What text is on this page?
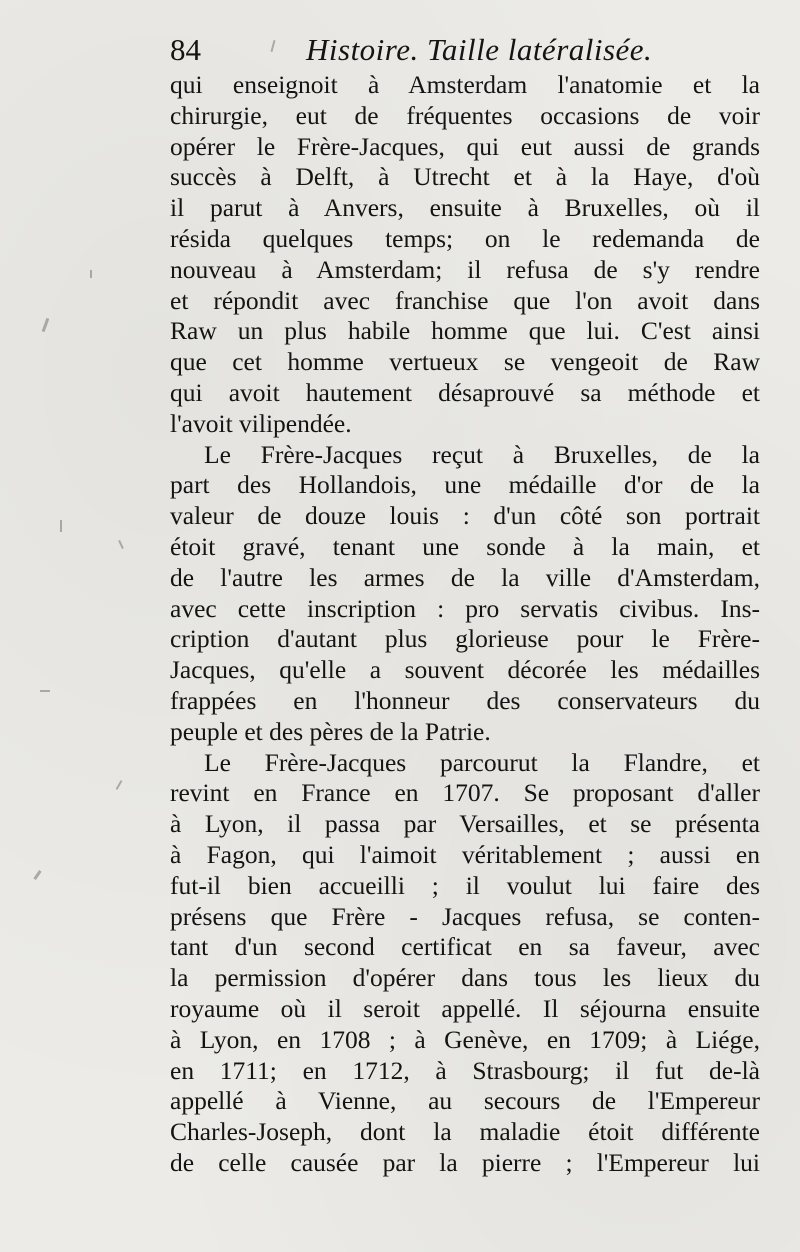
84	Histoire. Taille latéralisée.
qui enseignoit à Amsterdam l'anatomie et la
chirurgie, eut de fréquentes occasions de voir
opérer le Frère-Jacques, qui eut aussi de grands
succès à Delft, à Utrecht et à la Haye, d'où
il parut à Anvers, ensuite à Bruxelles, où il
résida quelques temps; on le redemanda de
nouveau à Amsterdam; il refusa de s'y rendre
et répondit avec franchise que l'on avoit dans
Raw un plus habile homme que lui. C'est ainsi
que cet homme vertueux se vengeoit de Raw
qui avoit hautement désaprouvé sa méthode et
l'avoit vilipendée.
Le Frère-Jacques reçut à Bruxelles, de la
part des Hollandois, une médaille d'or de la
valeur de douze louis : d'un côté son portrait
étoit gravé, tenant une sonde à la main, et
de l'autre les armes de la ville d'Amsterdam,
avec cette inscription : pro servatis civibus. Ins-
cription d'autant plus glorieuse pour le Frère-
Jacques, qu'elle a souvent décorée les médailles
frappées en l'honneur des conservateurs du
peuple et des pères de la Patrie.
Le Frère-Jacques parcourut la Flandre, et
revint en France en 1707. Se proposant d'aller
à Lyon, il passa par Versailles, et se présenta
à Fagon, qui l'aimoit véritablement ; aussi en
fut-il bien accueilli ; il voulut lui faire des
présens que Frère - Jacques refusa, se conten-
tant d'un second certificat en sa faveur, avec
la permission d'opérer dans tous les lieux du
royaume où il seroit appellé. Il séjourna ensuite
à Lyon, en 1708 ; à Genève, en 1709; à Liége,
en 1711; en 1712, à Strasbourg; il fut de-là
appellé à Vienne, au secours de l'Empereur
Charles-Joseph, dont la maladie étoit différente
de celle causée par la pierre ; l'Empereur lui
